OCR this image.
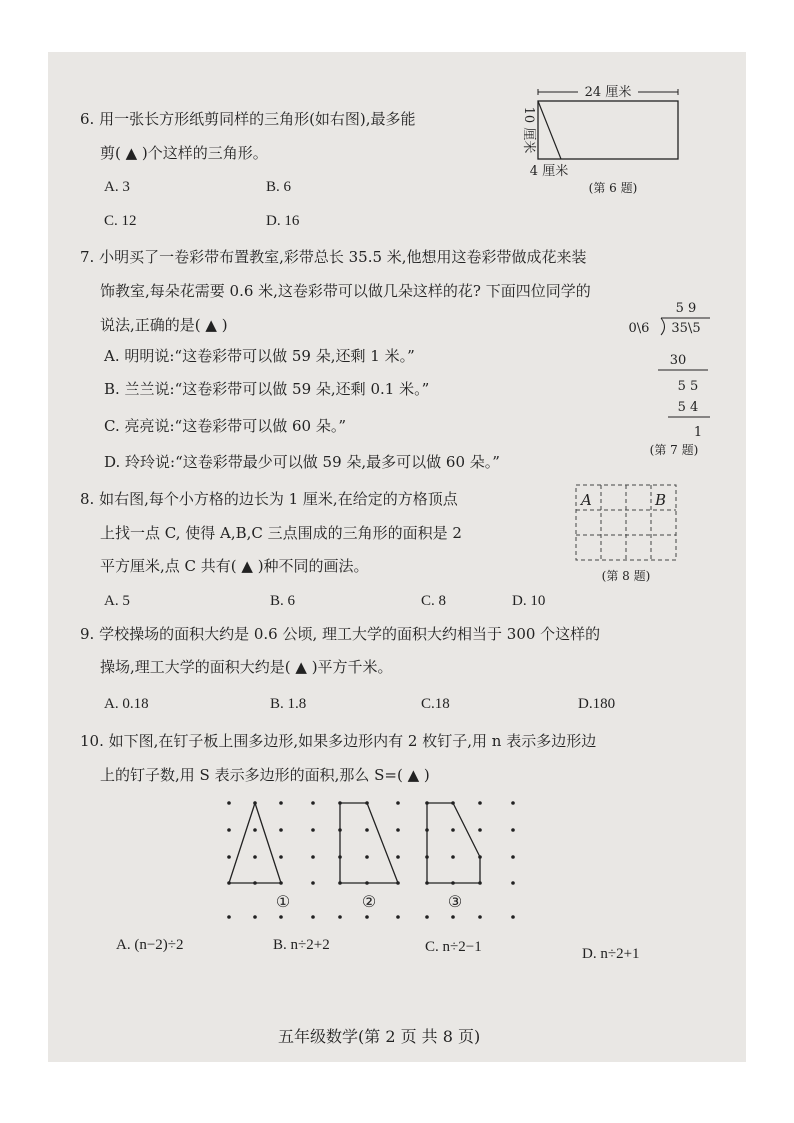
6. 用一张长方形纸剪同样的三角形(如右图),最多能
剪( ▲ )个这样的三角形。
A. 3	B. 6
C. 12	D. 16
24 厘米
10 厘米
4 厘米
(第 6 题)
7. 小明买了一卷彩带布置教室,彩带总长 35.5 米,他想用这卷彩带做成花来装
饰教室,每朵花需要 0.6 米,这卷彩带可以做几朵这样的花? 下面四位同学的
说法,正确的是( ▲ )
A. 明明说:“这卷彩带可以做 59 朵,还剩 1 米。”
B. 兰兰说:“这卷彩带可以做 59 朵,还剩 0.1 米。”
C. 亮亮说:“这卷彩带可以做 60 朵。”
D. 玲玲说:“这卷彩带最少可以做 59 朵,最多可以做 60 朵。”
5 9
0\6 35\5
30
5 5
5 4
1
(第 7 题)
8. 如右图,每个小方格的边长为 1 厘米,在给定的方格顶点
上找一点 C, 使得 A,B,C 三点围成的三角形的面积是 2
平方厘米,点 C 共有( ▲ )种不同的画法。
A. 5	B. 6	C. 8	D. 10
A	B
(第 8 题)
9. 学校操场的面积大约是 0.6 公顷, 理工大学的面积大约相当于 300 个这样的
操场,理工大学的面积大约是( ▲ )平方千米。
A. 0.18	B. 1.8	C.18	D.180
10. 如下图,在钉子板上围多边形,如果多边形内有 2 枚钉子,用 n 表示多边形边
上的钉子数,用 S 表示多边形的面积,那么 S=( ▲ )
①	②	③
A. (n−2)÷2	B. n÷2+2	C. n÷2−1	D. n÷2+1
五年级数学(第 2 页 共 8 页)
